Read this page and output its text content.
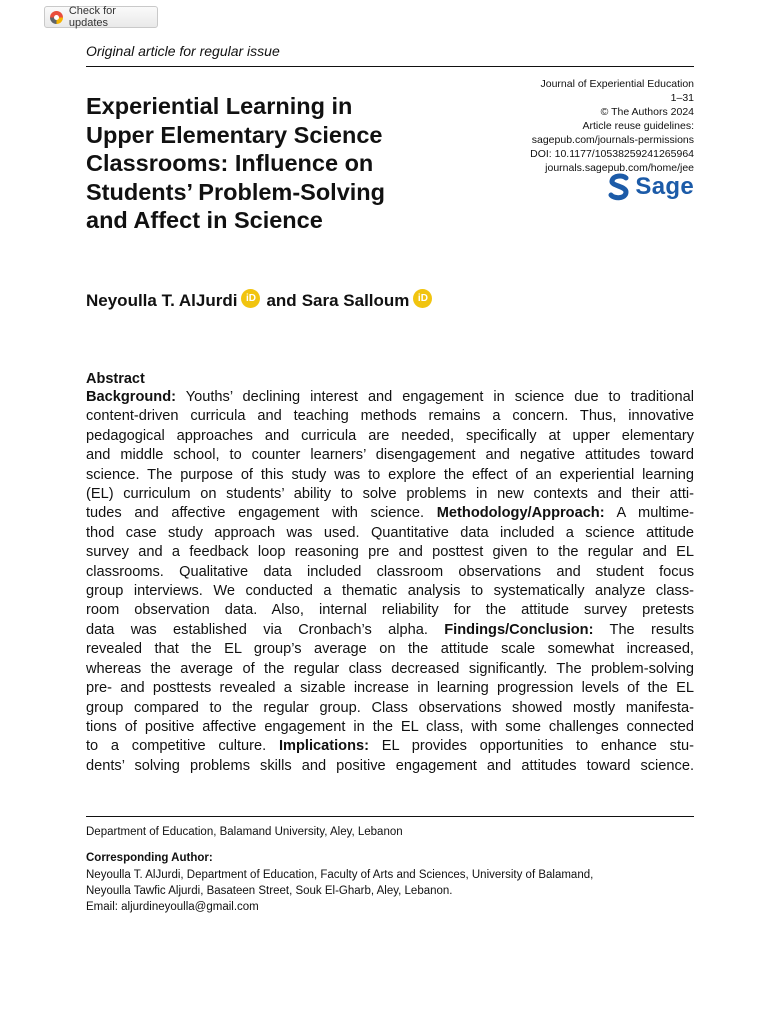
Check for updates
Original article for regular issue
Experiential Learning in
Upper Elementary Science
Classrooms: Influence on
Students’ Problem-Solving
and Affect in Science
Journal of Experiential Education
1–31
© The Authors 2024
Article reuse guidelines:
sagepub.com/journals-permissions
DOI: 10.1177/10538259241265964
journals.sagepub.com/home/jee
Sage
Neyoulla T. AlJurdi iD and Sara Salloum iD
Abstract
Background: Youths’ declining interest and engagement in science due to traditional
content-driven curricula and teaching methods remains a concern. Thus, innovative
pedagogical approaches and curricula are needed, specifically at upper elementary
and middle school, to counter learners’ disengagement and negative attitudes toward
science. The purpose of this study was to explore the effect of an experiential learning
(EL) curriculum on students’ ability to solve problems in new contexts and their atti-
tudes and affective engagement with science. Methodology/Approach: A multime-
thod case study approach was used. Quantitative data included a science attitude
survey and a feedback loop reasoning pre and posttest given to the regular and EL
classrooms. Qualitative data included classroom observations and student focus
group interviews. We conducted a thematic analysis to systematically analyze class-
room observation data. Also, internal reliability for the attitude survey pretests
data was established via Cronbach’s alpha. Findings/Conclusion: The results
revealed that the EL group’s average on the attitude scale somewhat increased,
whereas the average of the regular class decreased significantly. The problem-solving
pre- and posttests revealed a sizable increase in learning progression levels of the EL
group compared to the regular group. Class observations showed mostly manifesta-
tions of positive affective engagement in the EL class, with some challenges connected
to a competitive culture. Implications: EL provides opportunities to enhance stu-
dents’ solving problems skills and positive engagement and attitudes toward science.
Department of Education, Balamand University, Aley, Lebanon
Corresponding Author:
Neyoulla T. AlJurdi, Department of Education, Faculty of Arts and Sciences, University of Balamand,
Neyoulla Tawfic Aljurdi, Basateen Street, Souk El-Gharb, Aley, Lebanon.
Email: aljurdineyoulla@gmail.com
